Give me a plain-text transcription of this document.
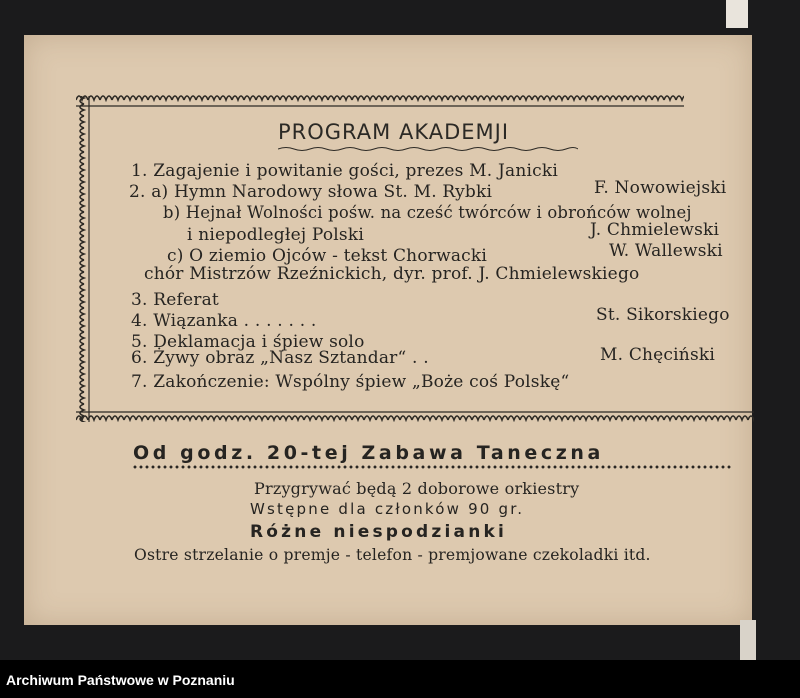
PROGRAM AKADEMJI
1. Zagajenie i powitanie gości, prezes M. Janicki
2. a) Hymn Narodowy słowa St. M. Rybki	F. Nowowiejski
b) Hejnał Wolności pośw. na cześć twórców i obrońców wolnej
i niepodległej Polski	J. Chmielewski
c) O ziemio Ojców - tekst Chorwacki	W. Wallewski
chór Mistrzów Rzeźnickich, dyr. prof. J. Chmielewskiego
3. Referat
4. Wiązanka . . . . . . .	St. Sikorskiego
5. Deklamacja i śpiew solo
6. Żywy obraz „Nasz Sztandar“ . .	M. Chęciński
7. Zakończenie: Wspólny śpiew „Boże coś Polskę“
Od godz. 20-tej Zabawa Taneczna
Przygrywać będą 2 doborowe orkiestry
Wstępne dla członków 90 gr.
Różne niespodzianki
Ostre strzelanie o premje - telefon - premjowane czekoladki itd.
Archiwum Państwowe w Poznaniu
